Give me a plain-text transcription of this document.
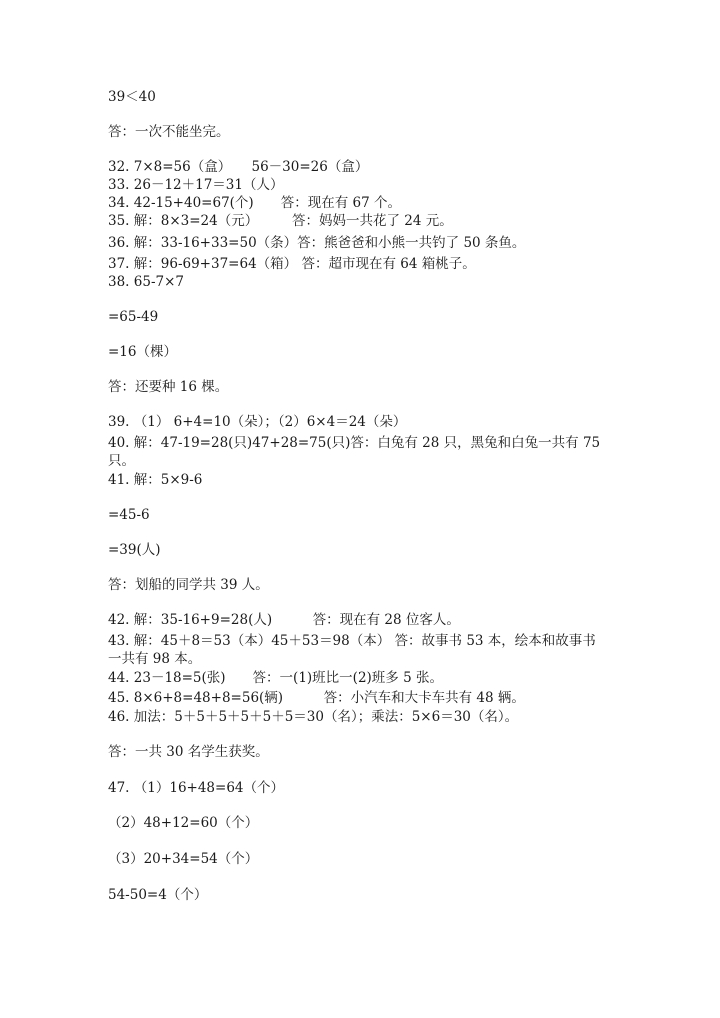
39＜40
答：一次不能坐完。
32. 7×8=56（盒）　　56－30=26（盒）
33. 26－12＋17＝31（人）
34. 42-15+40=67(个)　　答：现在有 67 个。
35. 解：8×3=24（元）　　　答：妈妈一共花了 24 元。
36. 解：33-16+33=50（条）答：熊爸爸和小熊一共钓了 50 条鱼。
37. 解：96-69+37=64（箱） 答：超市现在有 64 箱桃子。
38. 65-7×7
=65-49
=16（棵）
答：还要种 16 棵。
39. （1） 6+4=10（朵）；（2）6×4＝24（朵）
40. 解：47-19=28(只)47+28=75(只)答：白兔有 28 只，黑兔和白兔一共有 75
只。
41. 解：5×9-6
=45-6
=39(人)
答：划船的同学共 39 人。
42. 解：35-16+9=28(人)　　　答：现在有 28 位客人。
43. 解：45＋8＝53（本）45＋53＝98（本） 答：故事书 53 本，绘本和故事书
一共有 98 本。
44. 23－18=5(张)　　答：一(1)班比一(2)班多 5 张。
45. 8×6+8=48+8=56(辆)　　　答：小汽车和大卡车共有 48 辆。
46. 加法：5＋5＋5＋5＋5＋5＝30（名）；乘法：5×6＝30（名）。
答：一共 30 名学生获奖。
47. （1）16+48=64（个）
（2）48+12=60（个）
（3）20+34=54（个）
54-50=4（个）
